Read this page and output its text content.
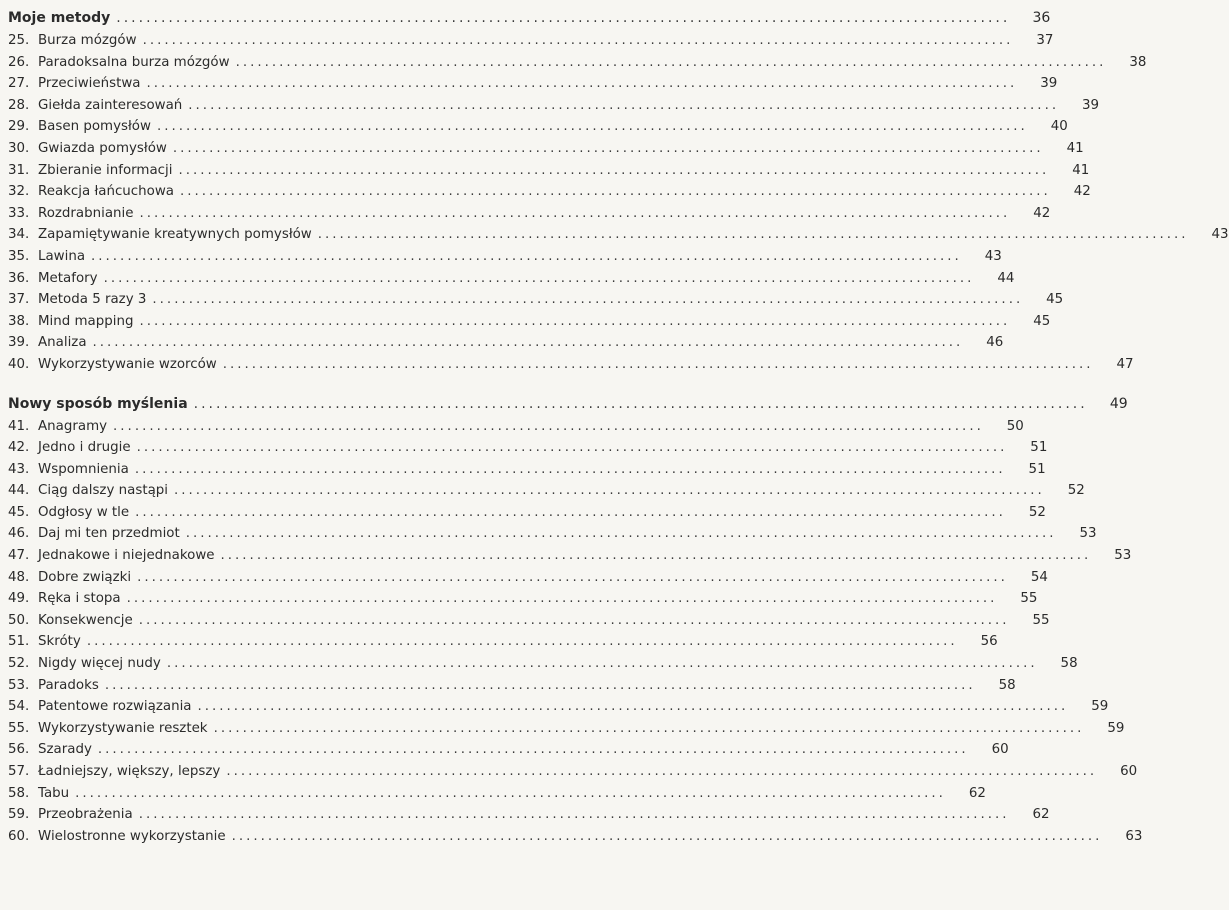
Moje metody ........................................................................................................................	36
25. Burza mózgów ........................................................................................................................	37
26. Paradoksalna burza mózgów ........................................................................................................................	38
27. Przeciwieństwa ........................................................................................................................	39
28. Giełda zainteresowań ........................................................................................................................	39
29. Basen pomysłów ........................................................................................................................	40
30. Gwiazda pomysłów ........................................................................................................................	41
31. Zbieranie informacji ........................................................................................................................	41
32. Reakcja łańcuchowa ........................................................................................................................	42
33. Rozdrabnianie ........................................................................................................................	42
34. Zapamiętywanie kreatywnych pomysłów ........................................................................................................................	43
35. Lawina ........................................................................................................................	43
36. Metafory ........................................................................................................................	44
37. Metoda 5 razy 3 ........................................................................................................................	45
38. Mind mapping ........................................................................................................................	45
39. Analiza ........................................................................................................................	46
40. Wykorzystywanie wzorców ........................................................................................................................	47
Nowy sposób myślenia ........................................................................................................................	49
41. Anagramy ........................................................................................................................	50
42. Jedno i drugie ........................................................................................................................	51
43. Wspomnienia ........................................................................................................................	51
44. Ciąg dalszy nastąpi ........................................................................................................................	52
45. Odgłosy w tle ........................................................................................................................	52
46. Daj mi ten przedmiot ........................................................................................................................	53
47. Jednakowe i niejednakowe ........................................................................................................................	53
48. Dobre związki ........................................................................................................................	54
49. Ręka i stopa ........................................................................................................................	55
50. Konsekwencje ........................................................................................................................	55
51. Skróty ........................................................................................................................	56
52. Nigdy więcej nudy ........................................................................................................................	58
53. Paradoks ........................................................................................................................	58
54. Patentowe rozwiązania ........................................................................................................................	59
55. Wykorzystywanie resztek ........................................................................................................................	59
56. Szarady ........................................................................................................................	60
57. Ładniejszy, większy, lepszy ........................................................................................................................	60
58. Tabu ........................................................................................................................	62
59. Przeobrażenia ........................................................................................................................	62
60. Wielostronne wykorzystanie ........................................................................................................................	63
